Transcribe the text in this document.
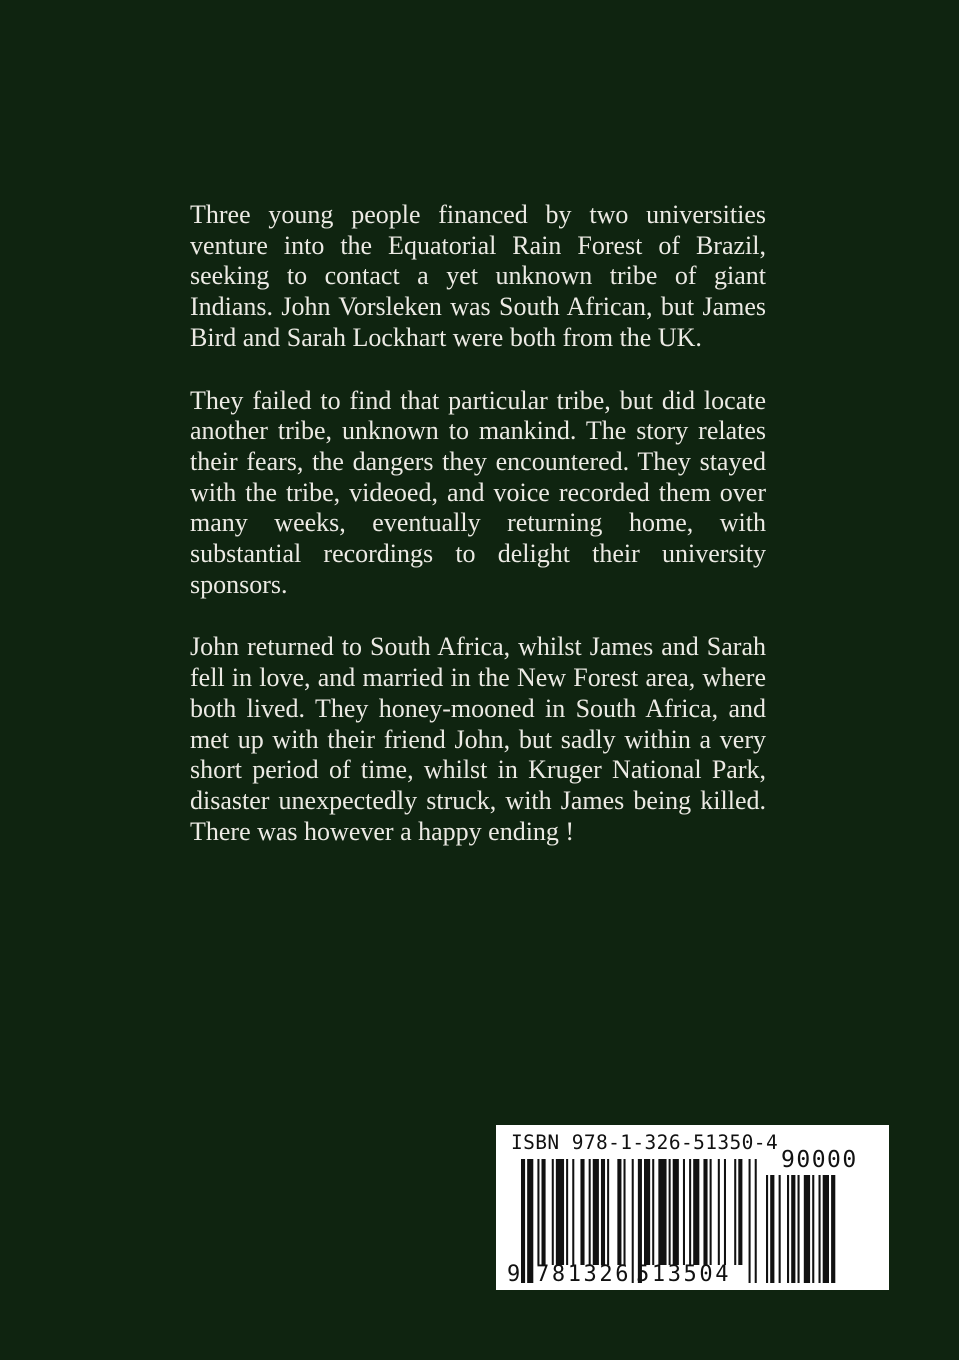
Three young people financed by two universities venture into the Equatorial Rain Forest of Brazil, seeking to contact a yet unknown tribe of giant Indians. John Vorsleken was South African, but James Bird and Sarah Lockhart were both from the UK.

They failed to find that particular tribe, but did locate another tribe, unknown to mankind. The story relates their fears, the dangers they encountered. They stayed with the tribe, videoed, and voice recorded them over many weeks, eventually returning home, with substantial recordings to delight their university sponsors.

John returned to South Africa, whilst James and Sarah fell in love, and married in the New Forest area, where both lived. They honey-mooned in South Africa, and met up with their friend John, but sadly within a very short period of time, whilst in Kruger National Park, disaster unexpectedly struck, with James being killed. There was however a happy ending !

ISBN 978-1-326-51350-4
90000
9 781326 513504
